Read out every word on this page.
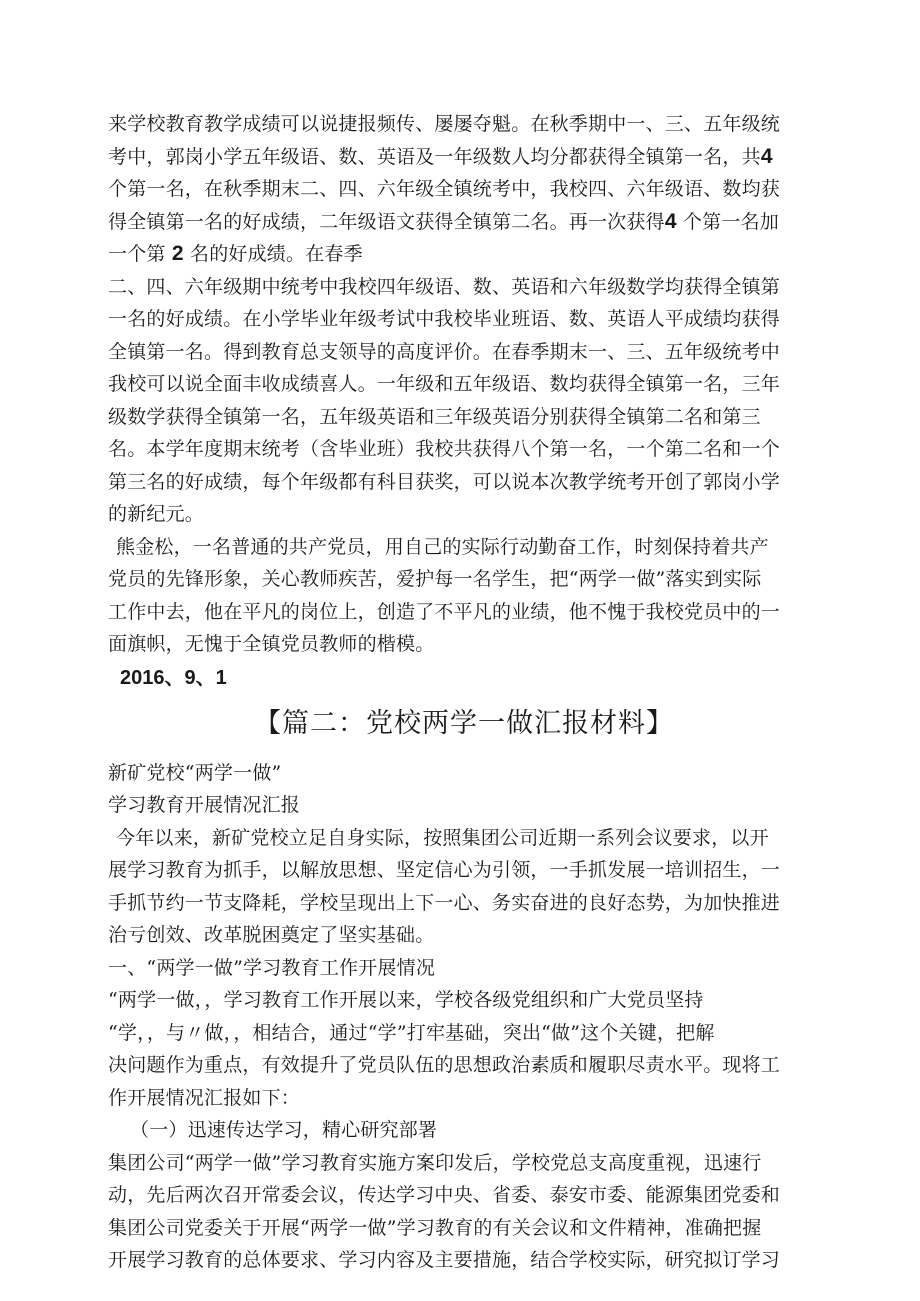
来学校教育教学成绩可以说捷报频传、屡屡夺魁。在秋季期中一、三、五年级统
考中，郭岗小学五年级语、数、英语及一年级数人均分都获得全镇第一名，共4
个第一名，在秋季期末二、四、六年级全镇统考中，我校四、六年级语、数均获
得全镇第一名的好成绩，二年级语文获得全镇第二名。再一次获得4 个第一名加
一个第 2 名的好成绩。在春季
二、四、六年级期中统考中我校四年级语、数、英语和六年级数学均获得全镇第
一名的好成绩。在小学毕业年级考试中我校毕业班语、数、英语人平成绩均获得
全镇第一名。得到教育总支领导的高度评价。在春季期末一、三、五年级统考中
我校可以说全面丰收成绩喜人。一年级和五年级语、数均获得全镇第一名，三年
级数学获得全镇第一名，五年级英语和三年级英语分别获得全镇第二名和第三
名。本学年度期末统考（含毕业班）我校共获得八个第一名，一个第二名和一个
第三名的好成绩，每个年级都有科目获奖，可以说本次教学统考开创了郭岗小学
的新纪元。
熊金松，一名普通的共产党员，用自己的实际行动勤奋工作，时刻保持着共产
党员的先锋形象，关心教师疾苦，爱护每一名学生，把“两学一做”落实到实际
工作中去，他在平凡的岗位上，创造了不平凡的业绩，他不愧于我校党员中的一
面旗帜，无愧于全镇党员教师的楷模。
2016、9、1
【篇二：党校两学一做汇报材料】
新矿党校“两学一做”
学习教育开展情况汇报
今年以来，新矿党校立足自身实际，按照集团公司近期一系列会议要求，以开
展学习教育为抓手，以解放思想、坚定信心为引领，一手抓发展一培训招生，一
手抓节约一节支降耗，学校呈现出上下一心、务实奋进的良好态势，为加快推进
治亏创效、改革脱困奠定了坚实基础。
一、“两学一做”学习教育工作开展情况
“两学一做，，学习教育工作开展以来，学校各级党组织和广大党员坚持
“学，，与〃做，，相结合，通过“学”打牢基础，突出“做”这个关键，把解
决问题作为重点，有效提升了党员队伍的思想政治素质和履职尽责水平。现将工
作开展情况汇报如下：
（一）迅速传达学习，精心研究部署
集团公司“两学一做”学习教育实施方案印发后，学校党总支高度重视，迅速行
动，先后两次召开常委会议，传达学习中央、省委、泰安市委、能源集团党委和
集团公司党委关于开展“两学一做”学习教育的有关会议和文件精神，准确把握
开展学习教育的总体要求、学习内容及主要措施，结合学校实际，研究拟订学习
